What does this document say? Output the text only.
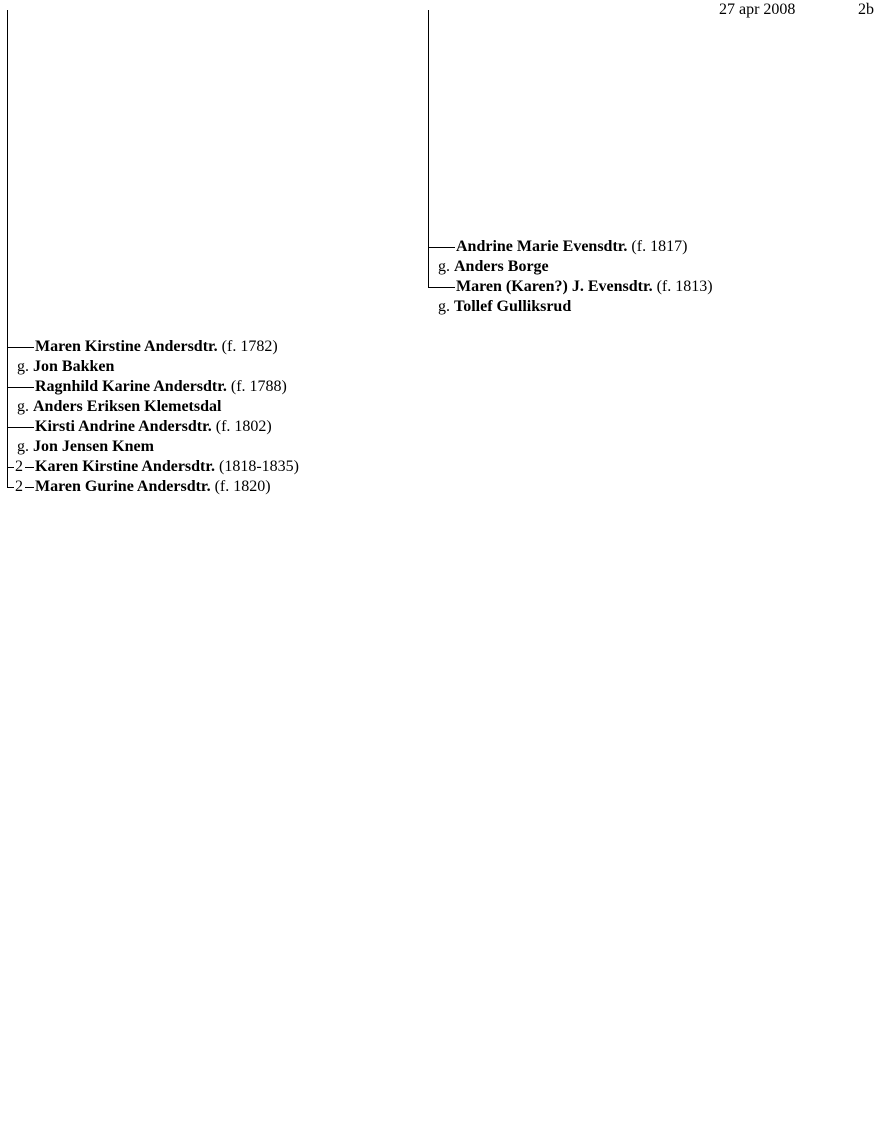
27 apr 2008	2b
Andrine Marie Evensdtr. (f. 1817)
g. Anders Borge
Maren (Karen?) J. Evensdtr. (f. 1813)
g. Tollef Gulliksrud
Maren Kirstine Andersdtr. (f. 1782)
g. Jon Bakken
Ragnhild Karine Andersdtr. (f. 1788)
g. Anders Eriksen Klemetsdal
Kirsti Andrine Andersdtr. (f. 1802)
g. Jon Jensen Knem
2 Karen Kirstine Andersdtr. (1818-1835)
2 Maren Gurine Andersdtr. (f. 1820)
